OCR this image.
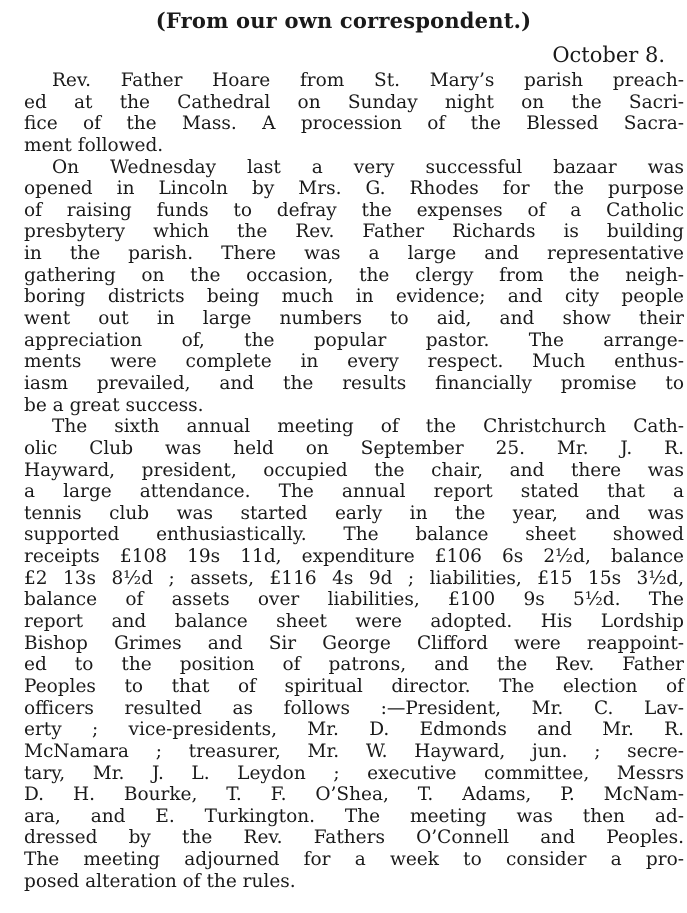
(From our own correspondent.)
October 8.
Rev. Father Hoare from St. Mary’s parish preach-
ed at the Cathedral on Sunday night on the Sacri-
fice of the Mass. A procession of the Blessed Sacra-
ment followed.
On Wednesday last a very successful bazaar was
opened in Lincoln by Mrs. G. Rhodes for the purpose
of raising funds to defray the expenses of a Catholic
presbytery which the Rev. Father Richards is building
in the parish. There was a large and representative
gathering on the occasion, the clergy from the neigh-
boring districts being much in evidence; and city people
went out in large numbers to aid, and show their
appreciation of, the popular pastor. The arrange-
ments were complete in every respect. Much enthus-
iasm prevailed, and the results financially promise to
be a great success.
The sixth annual meeting of the Christchurch Cath-
olic Club was held on September 25. Mr. J. R.
Hayward, president, occupied the chair, and there was
a large attendance. The annual report stated that a
tennis club was started early in the year, and was
supported enthusiastically. The balance sheet showed
receipts £108 19s 11d, expenditure £106 6s 2½d, balance
£2 13s 8½d ; assets, £116 4s 9d ; liabilities, £15 15s 3½d,
balance of assets over liabilities, £100 9s 5½d. The
report and balance sheet were adopted. His Lordship
Bishop Grimes and Sir George Clifford were reappoint-
ed to the position of patrons, and the Rev. Father
Peoples to that of spiritual director. The election of
officers resulted as follows :—President, Mr. C. Lav-
erty ; vice-presidents, Mr. D. Edmonds and Mr. R.
McNamara ; treasurer, Mr. W. Hayward, jun. ; secre-
tary, Mr. J. L. Leydon ; executive committee, Messrs
D. H. Bourke, T. F. O’Shea, T. Adams, P. McNam-
ara, and E. Turkington. The meeting was then ad-
dressed by the Rev. Fathers O’Connell and Peoples.
The meeting adjourned for a week to consider a pro-
posed alteration of the rules.
